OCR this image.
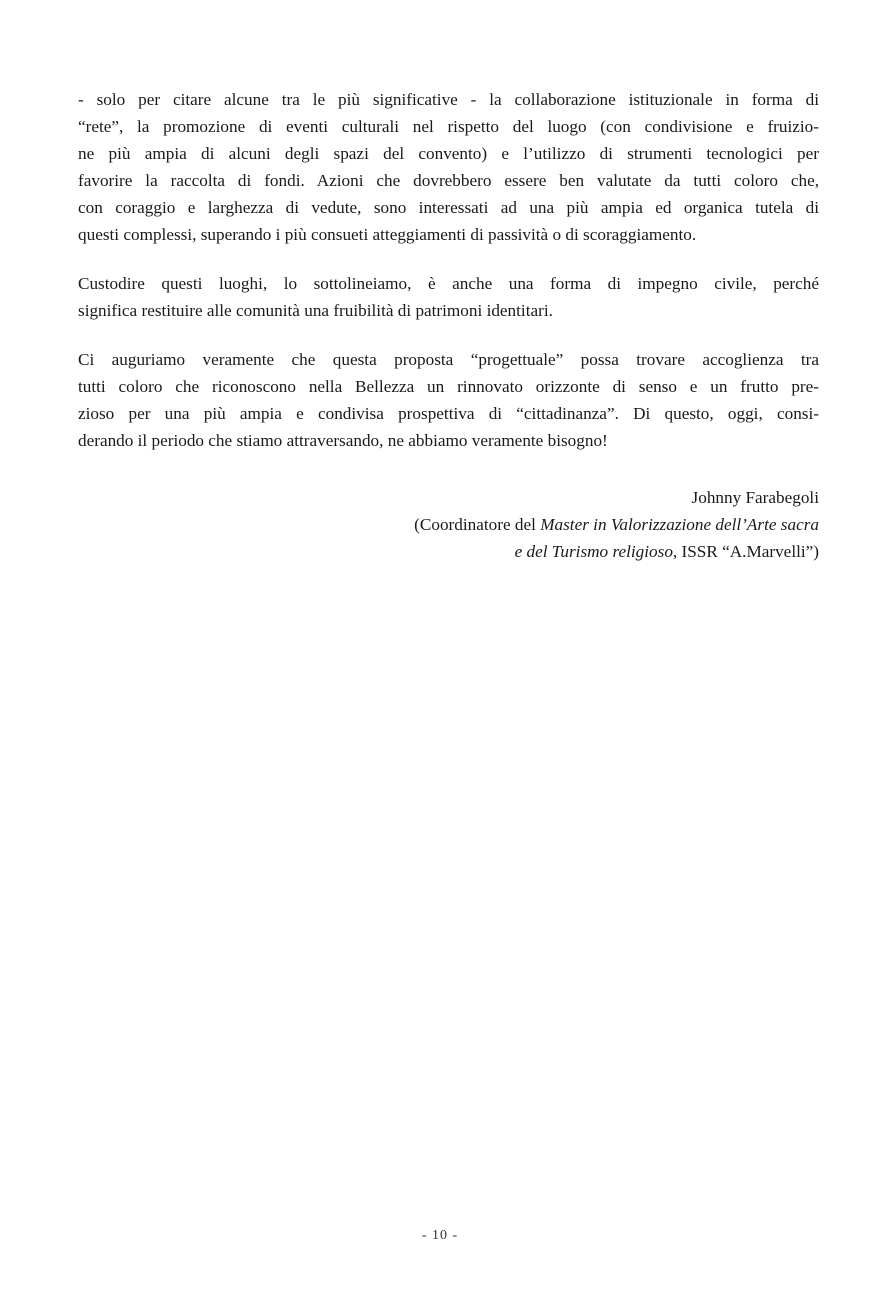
- solo per citare alcune tra le più significative - la collaborazione istituzionale in forma di
“rete”, la promozione di eventi culturali nel rispetto del luogo (con condivisione e fruizio-
ne più ampia di alcuni degli spazi del convento) e l’utilizzo di strumenti tecnologici per
favorire la raccolta di fondi. Azioni che dovrebbero essere ben valutate da tutti coloro che,
con coraggio e larghezza di vedute, sono interessati ad una più ampia ed organica tutela di
questi complessi, superando i più consueti atteggiamenti di passività o di scoraggiamento.

Custodire questi luoghi, lo sottolineiamo, è anche una forma di impegno civile, perché
significa restituire alle comunità una fruibilità di patrimoni identitari.

Ci auguriamo veramente che questa proposta “progettuale” possa trovare accoglienza tra
tutti coloro che riconoscono nella Bellezza un rinnovato orizzonte di senso e un frutto pre-
zioso per una più ampia e condivisa prospettiva di “cittadinanza”. Di questo, oggi, consi-
derando il periodo che stiamo attraversando, ne abbiamo veramente bisogno!

Johnny Farabegoli
(Coordinatore del Master in Valorizzazione dell’Arte sacra
e del Turismo religioso, ISSR “A.Marvelli”)
- 10 -
